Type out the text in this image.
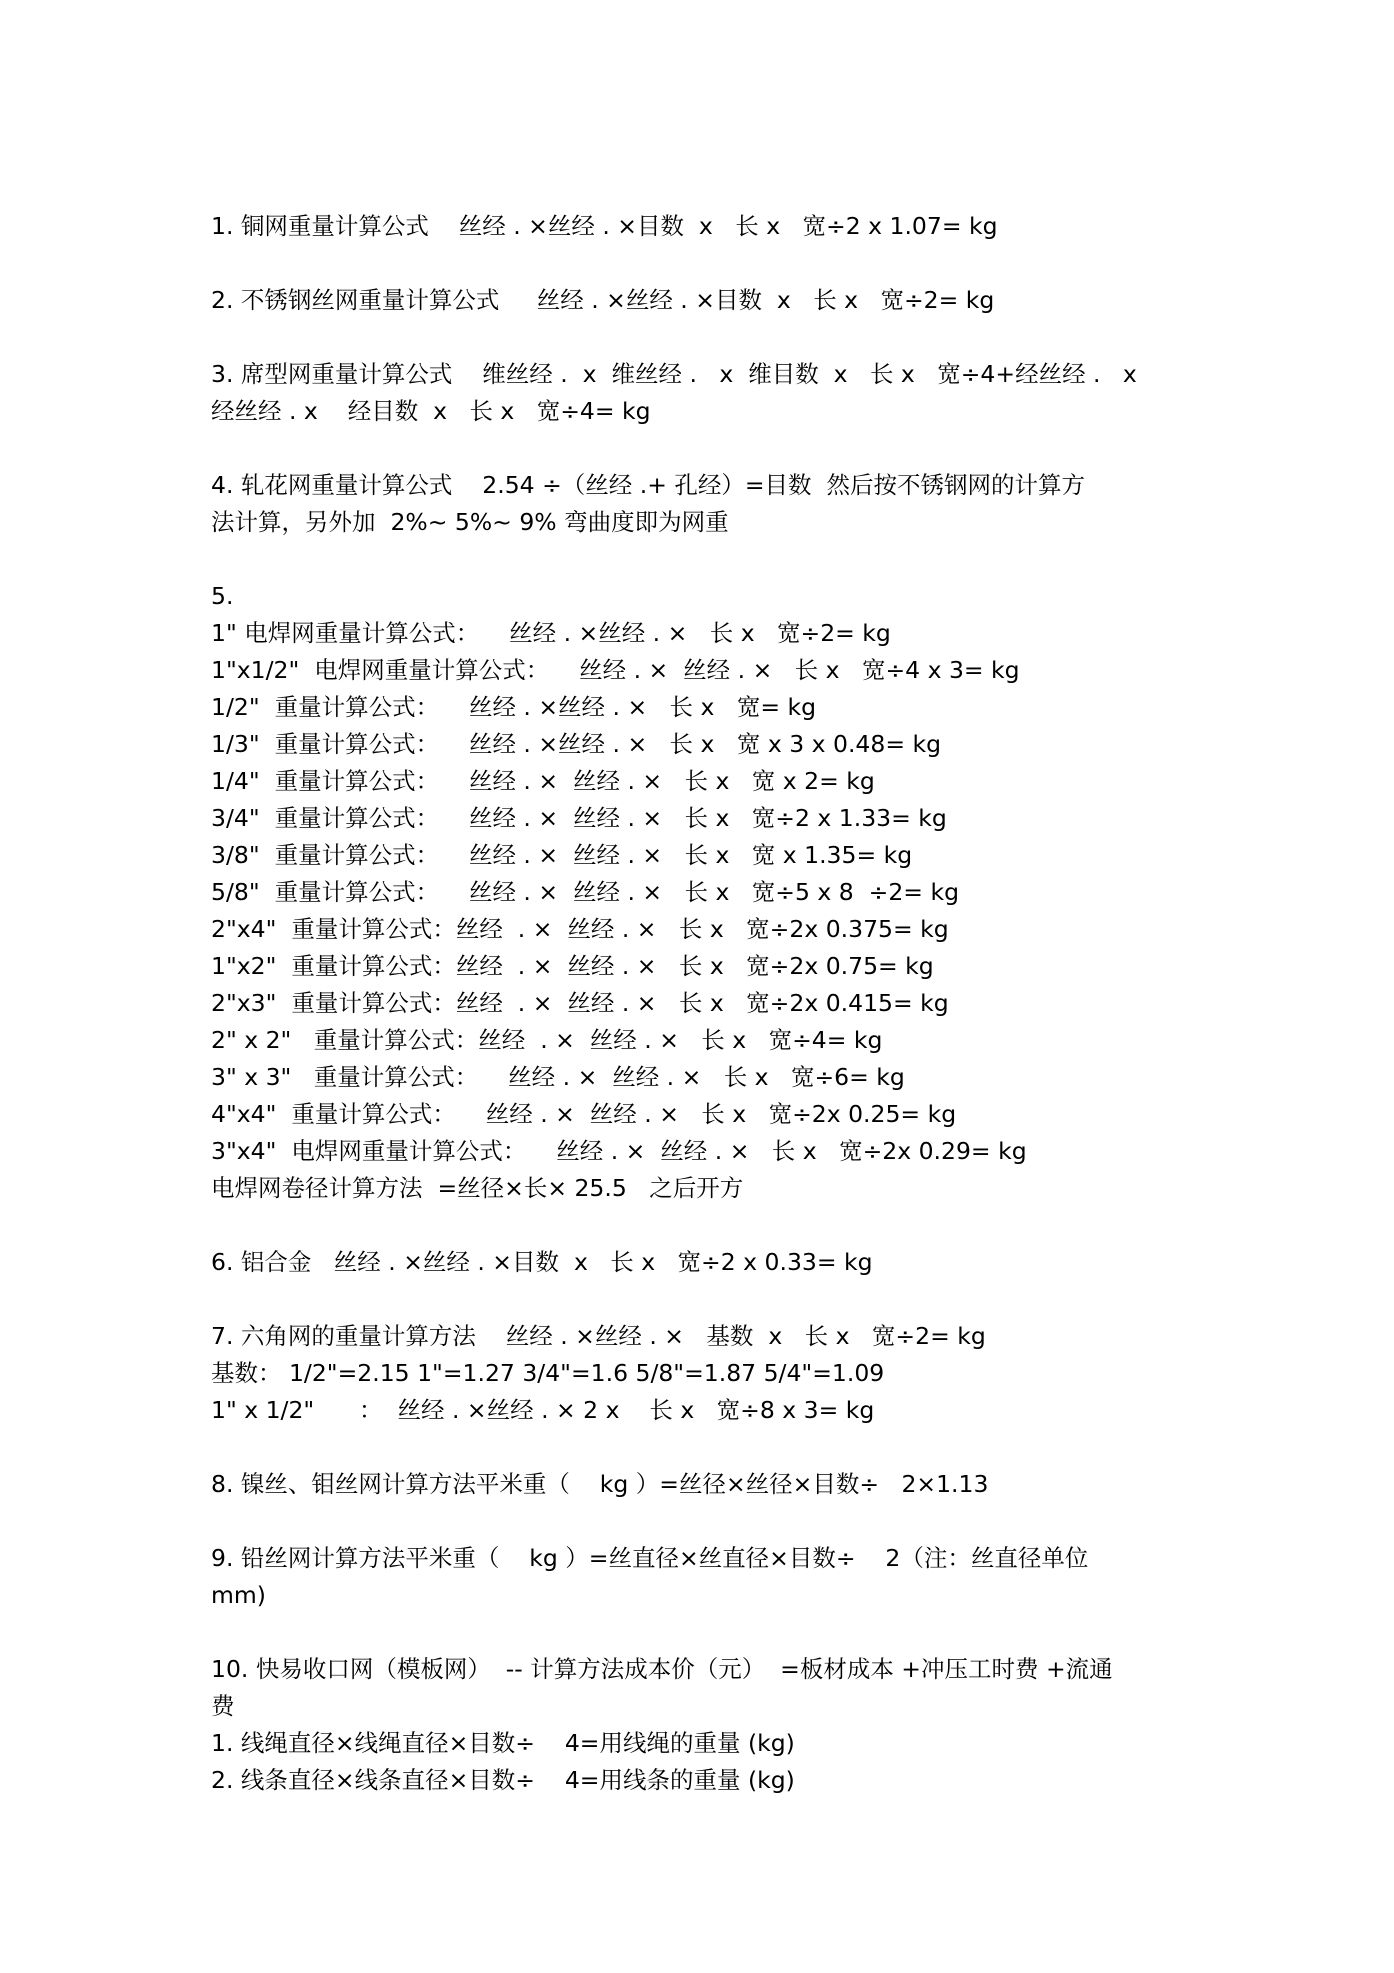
1. 铜网重量计算公式    丝经 . ×丝经 . ×目数  x   长 x   宽÷2 x 1.07= kg
2. 不锈钢丝网重量计算公式     丝经 . ×丝经 . ×目数  x   长 x   宽÷2= kg
3. 席型网重量计算公式    维丝经 .  x  维丝经 .   x  维目数  x   长 x   宽÷4+经丝经 .   x
经丝经 . x    经目数  x   长 x   宽÷4= kg
4. 轧花网重量计算公式    2.54 ÷（丝经 .+ 孔经）=目数  然后按不锈钢网的计算方
法计算，另外加  2%~ 5%~ 9% 弯曲度即为网重
5.
1" 电焊网重量计算公式：    丝经 . ×丝经 . ×   长 x   宽÷2= kg
1"x1/2"  电焊网重量计算公式：    丝经 . ×  丝经 . ×   长 x   宽÷4 x 3= kg
1/2"  重量计算公式：    丝经 . ×丝经 . ×   长 x   宽= kg
1/3"  重量计算公式：    丝经 . ×丝经 . ×   长 x   宽 x 3 x 0.48= kg
1/4"  重量计算公式：    丝经 . ×  丝经 . ×   长 x   宽 x 2= kg
3/4"  重量计算公式：    丝经 . ×  丝经 . ×   长 x   宽÷2 x 1.33= kg
3/8"  重量计算公式：    丝经 . ×  丝经 . ×   长 x   宽 x 1.35= kg
5/8"  重量计算公式：    丝经 . ×  丝经 . ×   长 x   宽÷5 x 8  ÷2= kg
2"x4"  重量计算公式：丝经  . ×  丝经 . ×   长 x   宽÷2x 0.375= kg
1"x2"  重量计算公式：丝经  . ×  丝经 . ×   长 x   宽÷2x 0.75= kg
2"x3"  重量计算公式：丝经  . ×  丝经 . ×   长 x   宽÷2x 0.415= kg
2" x 2"   重量计算公式：丝经  . ×  丝经 . ×   长 x   宽÷4= kg
3" x 3"   重量计算公式：    丝经 . ×  丝经 . ×   长 x   宽÷6= kg
4"x4"  重量计算公式：    丝经 . ×  丝经 . ×   长 x   宽÷2x 0.25= kg
3"x4"  电焊网重量计算公式：    丝经 . ×  丝经 . ×   长 x   宽÷2x 0.29= kg
电焊网卷径计算方法  =丝径×长× 25.5   之后开方
6. 铝合金   丝经 . ×丝经 . ×目数  x   长 x   宽÷2 x 0.33= kg
7. 六角网的重量计算方法    丝经 . ×丝经 . ×   基数  x   长 x   宽÷2= kg
基数： 1/2"=2.15 1"=1.27 3/4"=1.6 5/8"=1.87 5/4"=1.09
1" x 1/2"      ：  丝经 . ×丝经 . × 2 x    长 x   宽÷8 x 3= kg
8. 镍丝、钼丝网计算方法平米重（    kg ）=丝径×丝径×目数÷   2×1.13
9. 铅丝网计算方法平米重（    kg ）=丝直径×丝直径×目数÷    2（注：丝直径单位
mm)
10. 快易收口网（模板网）  -- 计算方法成本价（元）  =板材成本 +冲压工时费 +流通
费
1. 线绳直径×线绳直径×目数÷    4=用线绳的重量 (kg)
2. 线条直径×线条直径×目数÷    4=用线条的重量 (kg)
